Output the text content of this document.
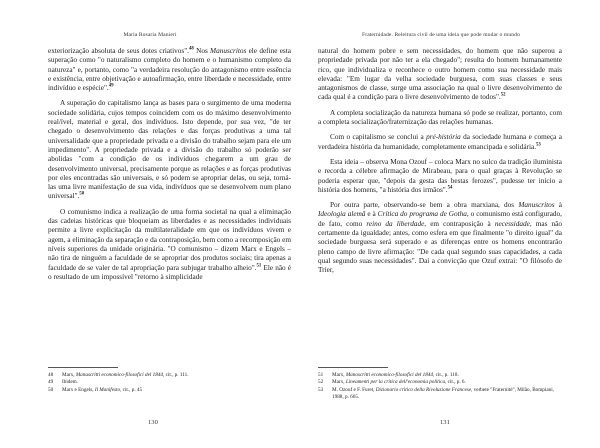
Maria Rosaria Manieri

exteriorização absoluta de seus dotes criativos".$^{48}$ Nos Manuscritos ele define esta superação como "o naturalismo completo do homem e o humanismo completo da natureza" e, portanto, como "a verdadeira resolução do antagonismo entre essência e existência, entre objetivação e autoafirmação, entre liberdade e necessidade, entre indivíduo e espécie".$^{49}$

A superação do capitalismo lança as bases para o surgimento de uma moderna sociedade solidária, cujos tempos coincidem com os do máximo desenvolvimento real/ível, material e geral, dos indivíduos. Isto depende, por sua vez, "de ter chegado o desenvolvimento das relações e das forças produtivas a uma tal universalidade que a propriedade privada e a divisão do trabalho sejam para ele um impedimento". A propriedade privada e a divisão do trabalho só poderão ser abolidas "com a condição de os indivíduos chegarem a um grau de desenvolvimento universal, precisamente porque as relações e as forças produtivas por eles encontradas são universais, e só podem se apropriar delas, ou seja, torná-las uma livre manifestação de sua vida, indivíduos que se desenvolvem num plano universal".$^{50}$

O comunismo indica a realização de uma forma societal na qual a eliminação das cadeias históricas que bloqueiam as liberdades e as necessidades individuais permite a livre explicitação da multilateralidade em que os indivíduos vivem e agem, a eliminação da separação e da contraposição, bem como a recomposição em níveis superiores da unidade originária. "O comunismo – dizem Marx e Engels – não tira de ninguém a faculdade de se apropriar dos produtos sociais; tira apenas a faculdade de se valer de tal apropriação para subjugar trabalho alheio".$^{51}$ Ele não é o resultado de um impossível "retorno à simplicidade

48	Marx, Manuscritti economico-filosofici del 1844, cit., p. 111.
49	Ibidem.
50	Marx e Engels, Il Manifesto, cit., p. 45
130
Fraternidade. Releitura civil de uma ideia que pode mudar o mundo

natural do homem pobre e sem necessidades, do homem que não superou a propriedade privada por não ter a ela chegado"; resulta do homem humanamente rico, que individualiza e reconhece o outro homem como sua necessidade mais elevada: "Em lugar da velha sociedade burguesa, com suas classes e seus antagonismos de classe, surge uma associação na qual o livre desenvolvimento de cada qual é a condição para o livre desenvolvimento de todos".$^{52}$

A completa socialização da natureza humana só pode se realizar, portanto, com a completa socialização/fraternização das relações humanas.

Com o capitalismo se conclui a pré-história da sociedade humana e começa a verdadeira história da humanidade, completamente emancipada e solidária.$^{53}$

Esta ideia – observa Mona Ozouf – coloca Marx no sulco da tradição iluminista e recorda a célebre afirmação de Mirabeau, para o qual graças à Revolução se poderia esperar que, "depois da gesta das bestas ferozes", pudesse ter início a história dos homens, "a história dos irmãos".$^{54}$

Por outra parte, observando-se bem a obra marxiana, dos Manuscritos à Ideologia alemã e à Crítica do programa de Gotha, o comunismo está configurado, de fato, como reino da liberdade, em contraposição à necessidade, mas não certamente da igualdade; antes, como esfera em que finalmente "o direito igual" da sociedade burguesa será superado e as diferenças entre os homens encontrarão pleno campo de livre afirmação: "De cada qual segundo suas capacidades, a cada qual segundo suas necessidades". Daí a convicção que Ozuf extrai: "O filósofo de Trier,

51	Marx, Manoscritti economico-filosofici del 1844, cit., p. 118.
52	Marx, Lineamenti per la critica dell'economia politica, cit., p. 6.
53	M. Ozouf e F. Furet, Dizionario critico della Rivoluzione Francese, verbete "Fraternité", Milão, Bompiani, 1988, p. 665.
131
